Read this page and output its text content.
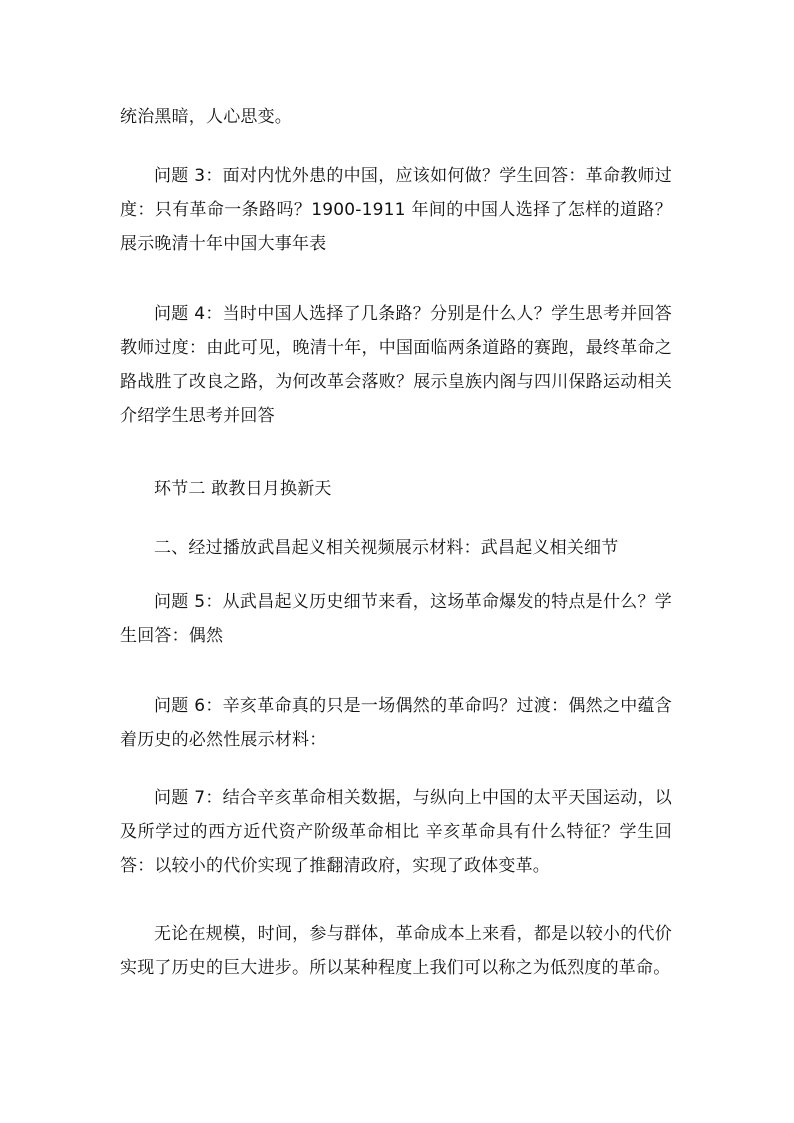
统治黑暗，人心思变。

问题 3：面对内忧外患的中国，应该如何做？学生回答：革命教师过度：只有革命一条路吗？1900-1911 年间的中国人选择了怎样的道路？展示晚清十年中国大事年表

问题 4：当时中国人选择了几条路？分别是什么人？学生思考并回答教师过度：由此可见，晚清十年，中国面临两条道路的赛跑，最终革命之路战胜了改良之路，为何改革会落败？展示皇族内阁与四川保路运动相关介绍学生思考并回答

环节二 敢教日月换新天

二、经过播放武昌起义相关视频展示材料：武昌起义相关细节

问题 5：从武昌起义历史细节来看，这场革命爆发的特点是什么？学生回答：偶然

问题 6：辛亥革命真的只是一场偶然的革命吗？过渡：偶然之中蕴含着历史的必然性展示材料：

问题 7：结合辛亥革命相关数据，与纵向上中国的太平天国运动，以及所学过的西方近代资产阶级革命相比 辛亥革命具有什么特征？学生回答：以较小的代价实现了推翻清政府，实现了政体变革。

无论在规模，时间，参与群体，革命成本上来看，都是以较小的代价实现了历史的巨大进步。所以某种程度上我们可以称之为低烈度的革命。
